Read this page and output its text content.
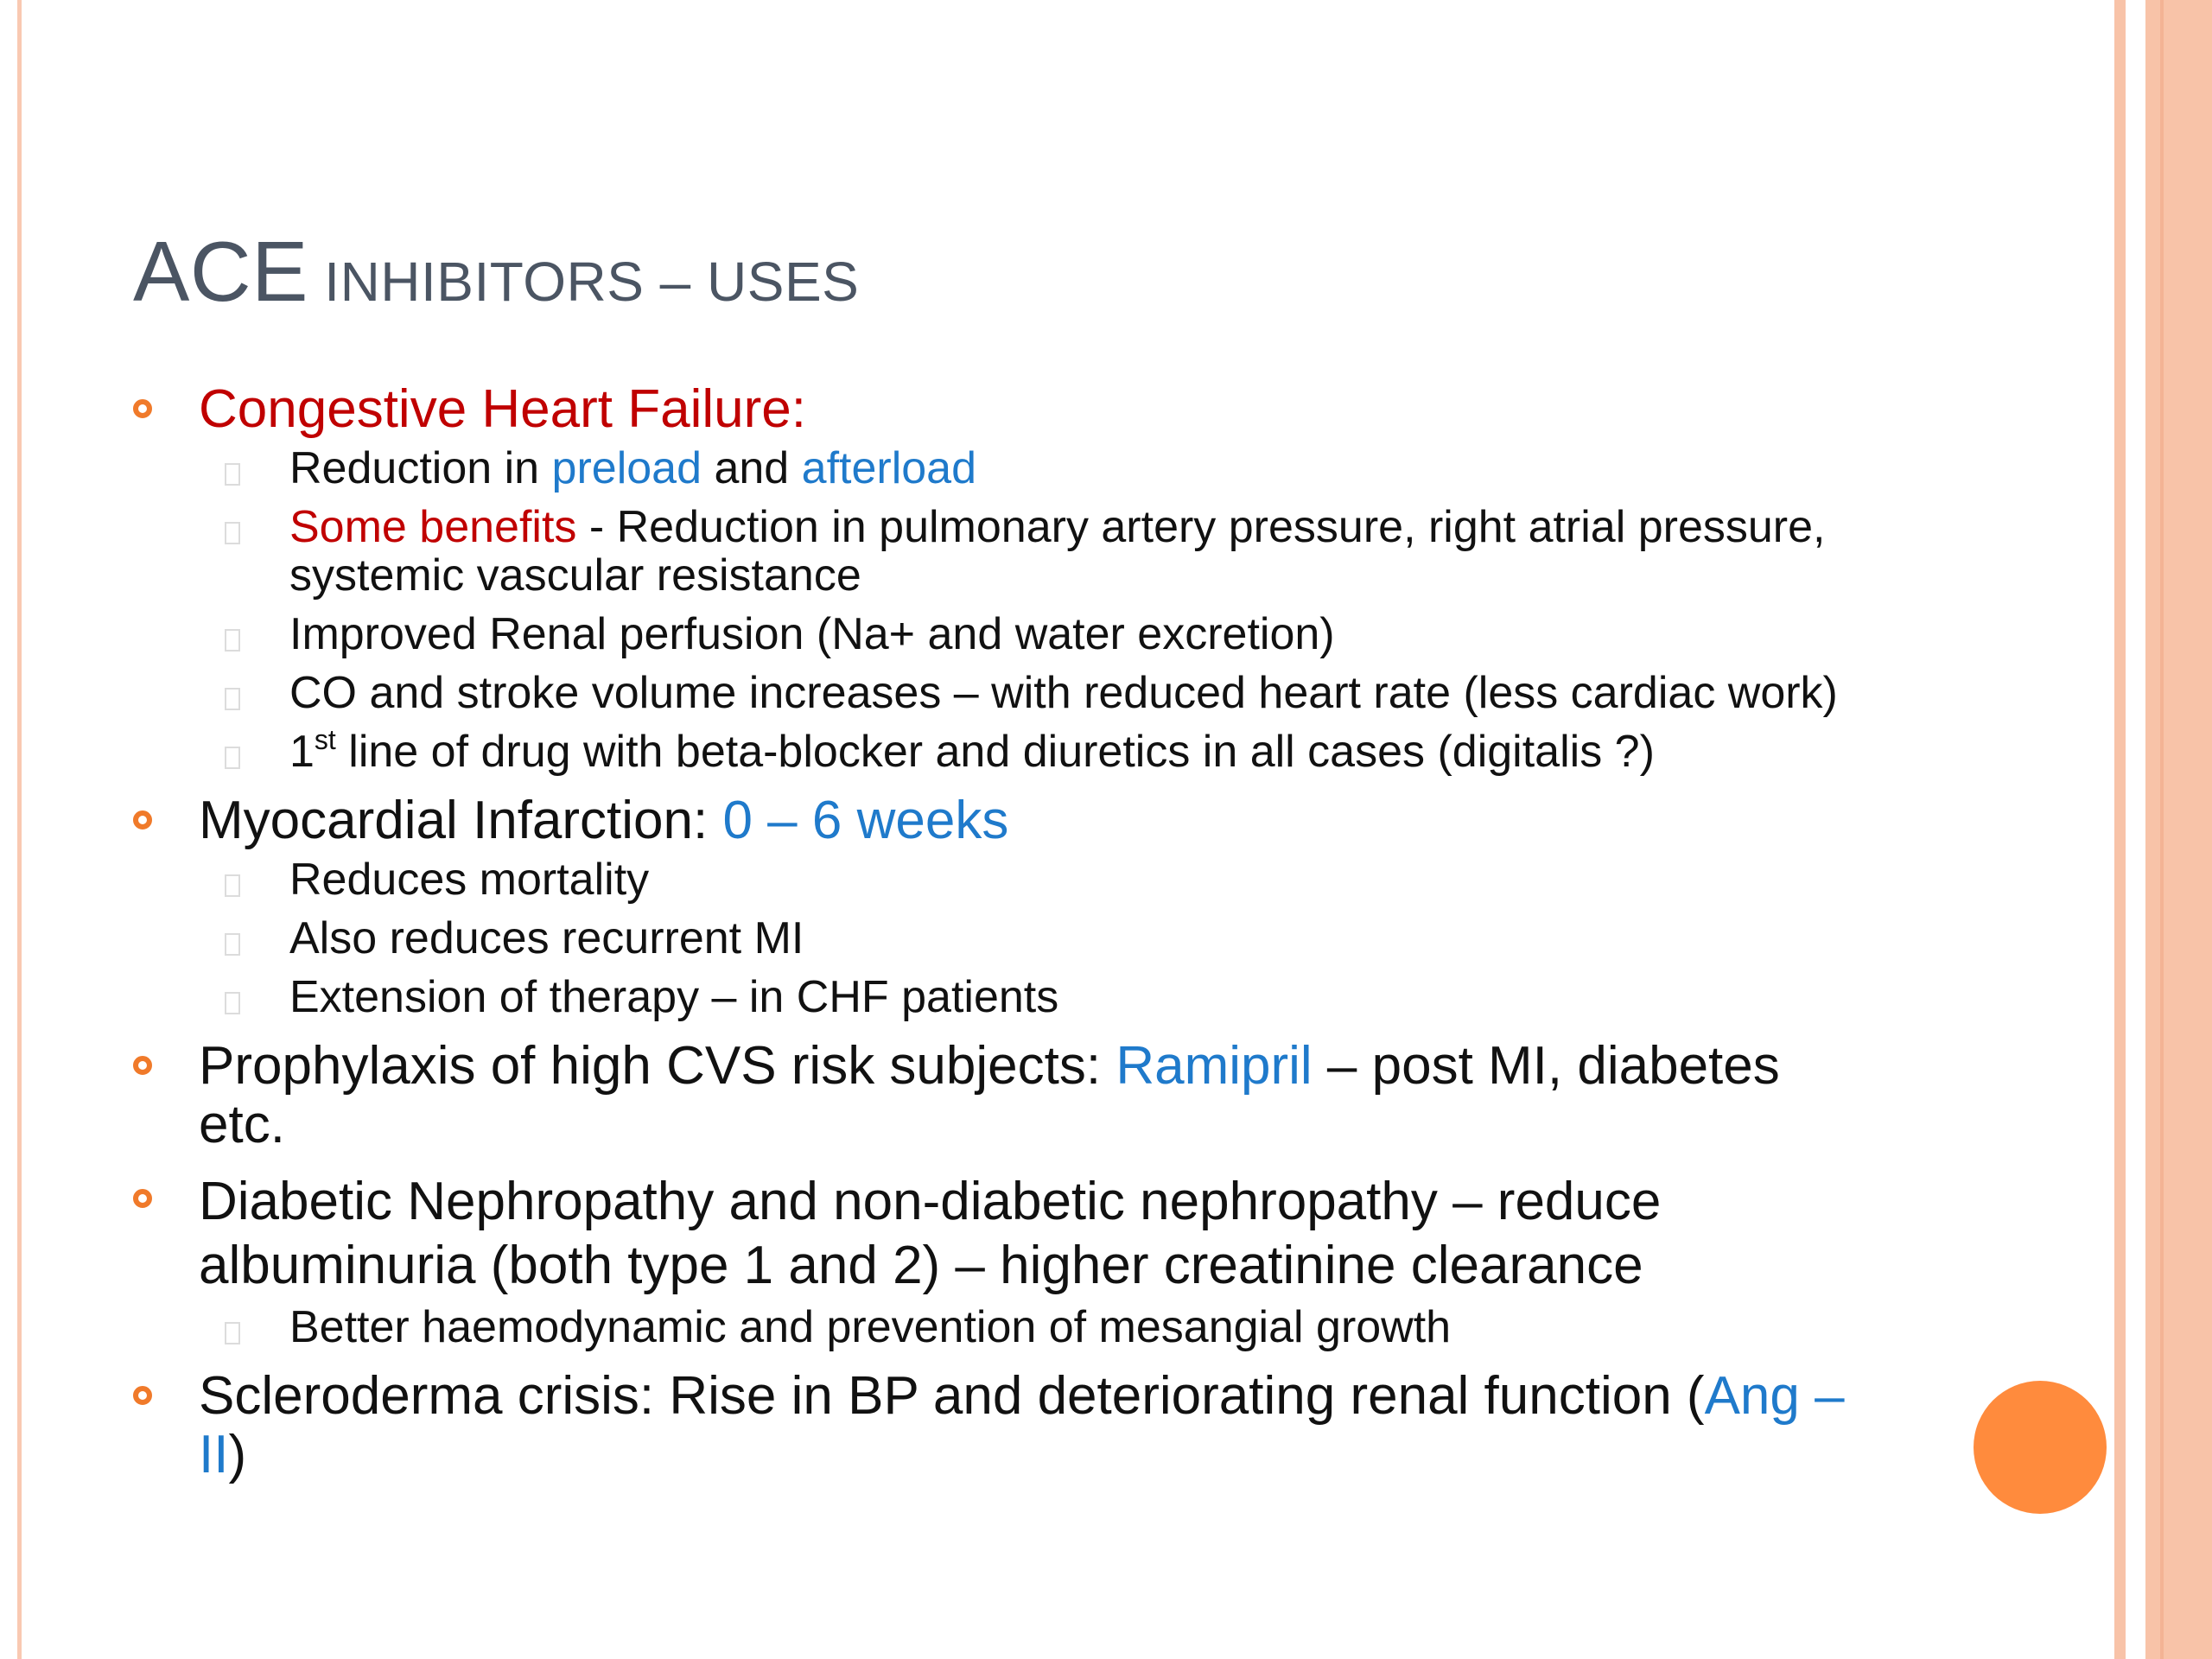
ACE INHIBITORS – USES
Congestive Heart Failure:
Reduction in preload and afterload
Some benefits - Reduction in pulmonary artery pressure, right atrial pressure, systemic vascular resistance
Improved Renal perfusion (Na+ and water excretion)
CO and stroke volume increases – with reduced heart rate (less cardiac work)
1st line of drug with beta-blocker and diuretics in all cases (digitalis ?)
Myocardial Infarction: 0 – 6 weeks
Reduces mortality
Also reduces recurrent MI
Extension of therapy – in CHF patients
Prophylaxis of high CVS risk subjects: Ramipril – post MI, diabetes etc.
Diabetic Nephropathy and non-diabetic nephropathy – reduce albuminuria (both type 1 and 2) – higher creatinine clearance
Better haemodynamic and prevention of mesangial growth
Scleroderma crisis: Rise in BP and deteriorating renal function (Ang –II)
